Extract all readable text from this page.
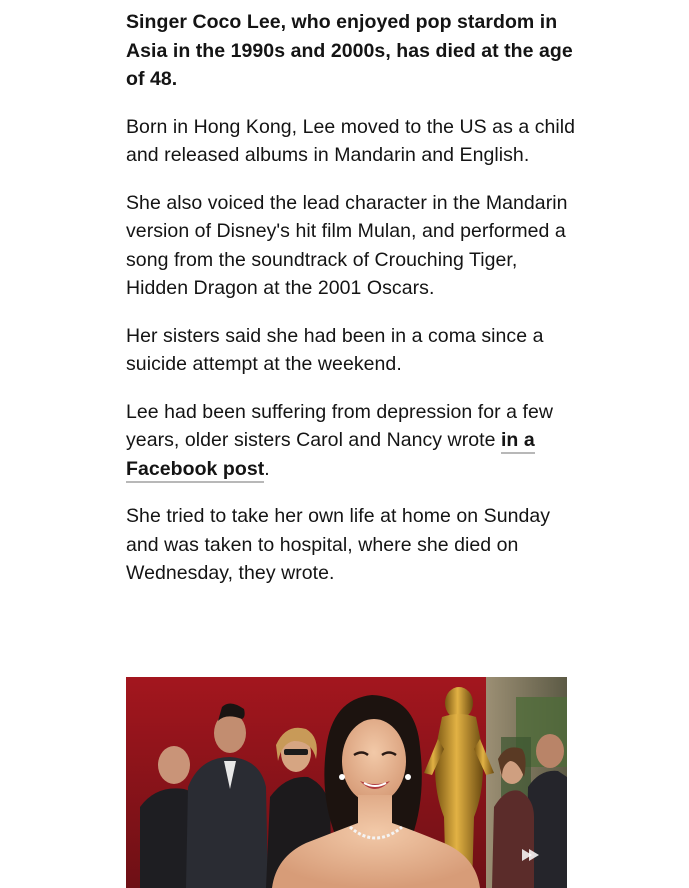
Singer Coco Lee, who enjoyed pop stardom in Asia in the 1990s and 2000s, has died at the age of 48.

Born in Hong Kong, Lee moved to the US as a child and released albums in Mandarin and English.

She also voiced the lead character in the Mandarin version of Disney's hit film Mulan, and performed a song from the soundtrack of Crouching Tiger, Hidden Dragon at the 2001 Oscars.

Her sisters said she had been in a coma since a suicide attempt at the weekend.

Lee had been suffering from depression for a few years, older sisters Carol and Nancy wrote in a Facebook post.

She tried to take her own life at home on Sunday and was taken to hospital, where she died on Wednesday, they wrote.
